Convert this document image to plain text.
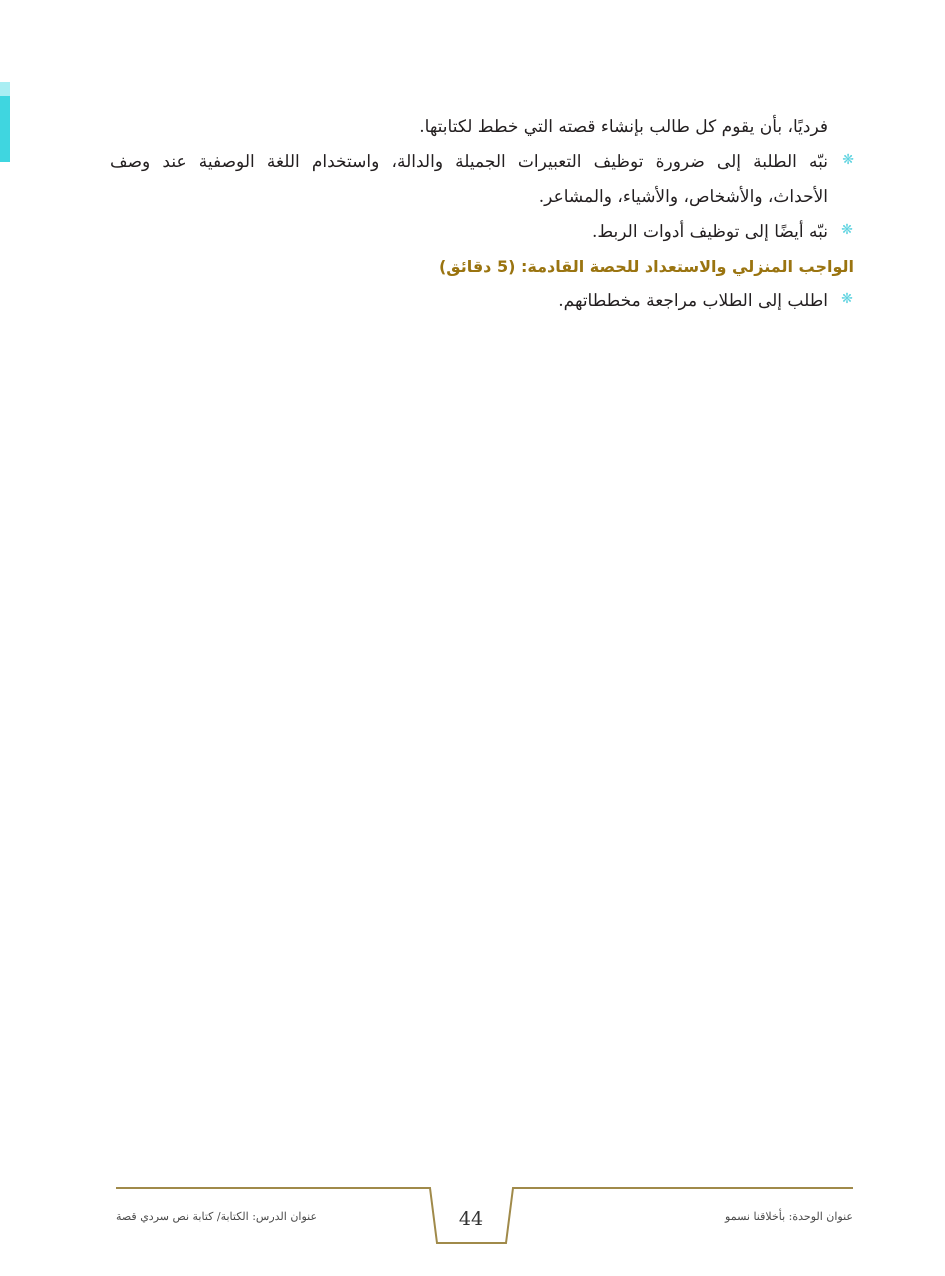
فرديًا، بأن يقوم كل طالب بإنشاء قصته التي خطط لكتابتها.

❋
نبّه الطلبة إلى ضرورة توظيف التعبيرات الجميلة والدالة، واستخدام اللغة الوصفية عند وصف

الأحداث، والأشخاص، والأشياء، والمشاعر.

❋
نبّه أيضًا إلى توظيف أدوات الربط.

الواجب المنزلي والاستعداد للحصة القادمة: (5 دقائق)

❋
اطلب إلى الطلاب مراجعة مخططاتهم.

عنوان الوحدة: بأخلاقنا نسمو
44
عنوان الدرس: الكتابة/ كتابة نص سردي قصة
